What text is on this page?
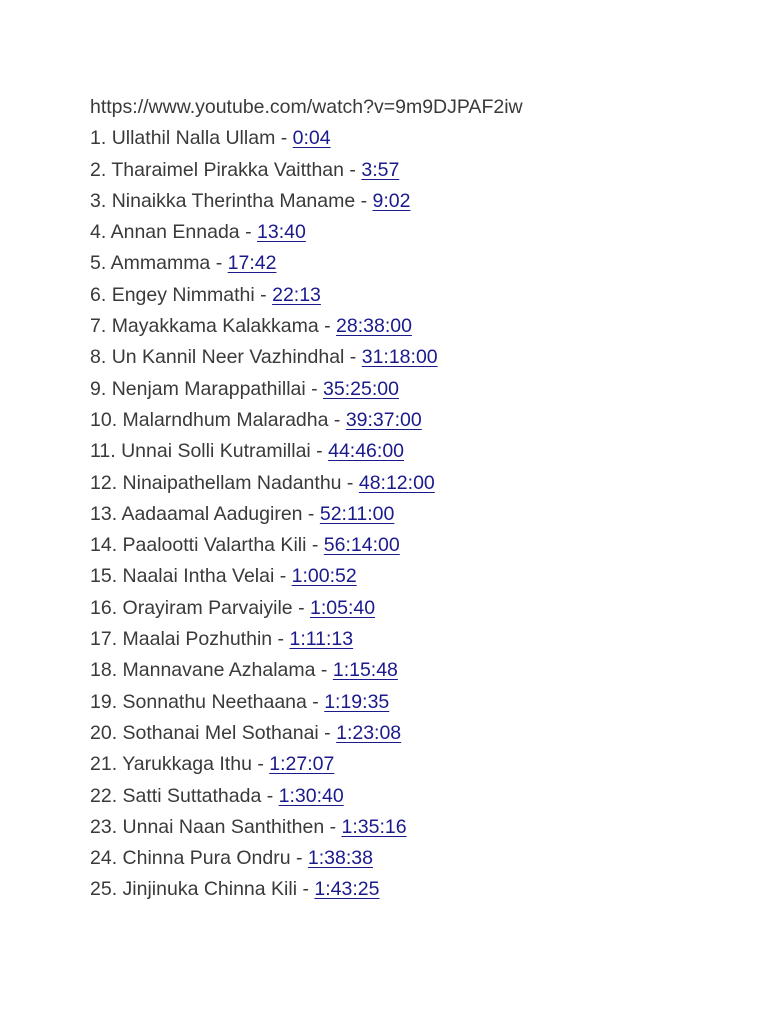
https://www.youtube.com/watch?v=9m9DJPAF2iw
1. Ullathil Nalla Ullam - 0:04
2. Tharaimel Pirakka Vaitthan - 3:57
3. Ninaikka Therintha Maname - 9:02
4. Annan Ennada - 13:40
5. Ammamma - 17:42
6. Engey Nimmathi - 22:13
7. Mayakkama Kalakkama - 28:38:00
8. Un Kannil Neer Vazhindhal - 31:18:00
9. Nenjam Marappathillai - 35:25:00
10. Malarndhum Malaradha - 39:37:00
11. Unnai Solli Kutramillai - 44:46:00
12. Ninaipathellam Nadanthu - 48:12:00
13. Aadaamal Aadugiren - 52:11:00
14. Paalootti Valartha Kili - 56:14:00
15. Naalai Intha Velai - 1:00:52
16. Orayiram Parvaiyile - 1:05:40
17. Maalai Pozhuthin - 1:11:13
18. Mannavane Azhalama - 1:15:48
19. Sonnathu Neethaana - 1:19:35
20. Sothanai Mel Sothanai - 1:23:08
21. Yarukkaga Ithu - 1:27:07
22. Satti Suttathada - 1:30:40
23. Unnai Naan Santhithen - 1:35:16
24. Chinna Pura Ondru - 1:38:38
25. Jinjinuka Chinna Kili - 1:43:25
